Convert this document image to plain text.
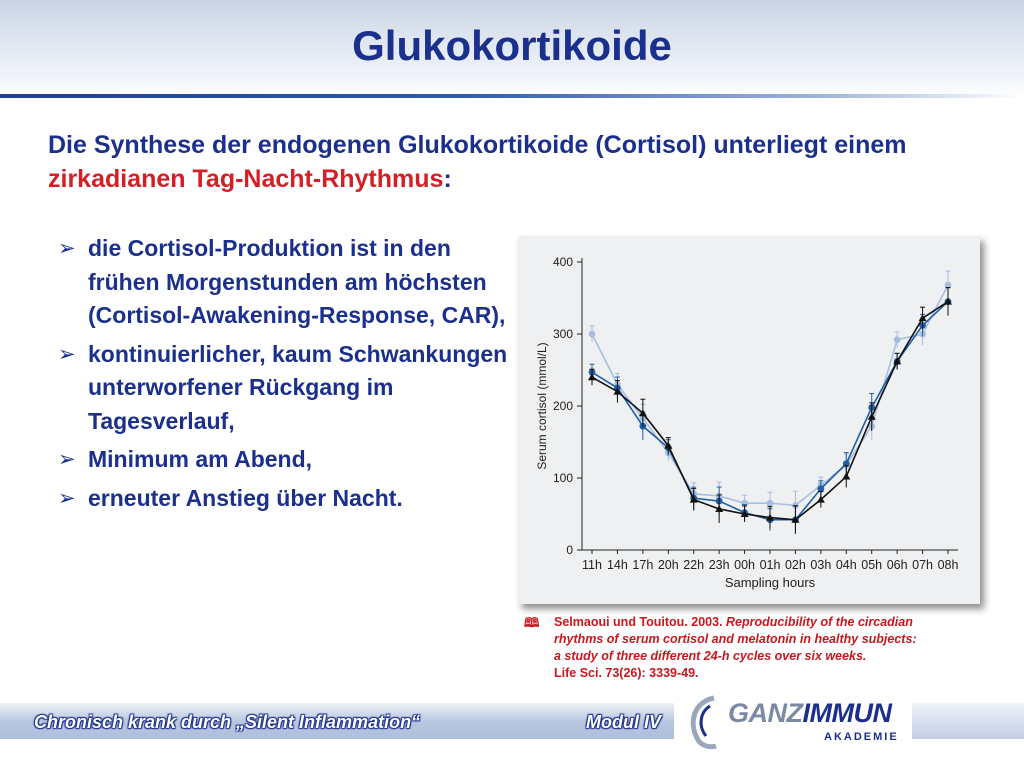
Glukokortikoide
Die Synthese der endogenen Glukokortikoide (Cortisol) unterliegt einem zirkadianen Tag-Nacht-Rhythmus:
➢ die Cortisol-Produktion ist in den frühen Morgenstunden am höchsten (Cortisol-Awakening-Response, CAR),
➢ kontinuierlicher, kaum Schwankungen unterworfener Rückgang im Tagesverlauf,
➢ Minimum am Abend,
➢ erneuter Anstieg über Nacht.
0
100
200
300
400
11h 14h 17h 20h 22h 23h 00h 01h 02h 03h 04h 05h 06h 07h 08h
Serum cortisol (mmol/L)
Sampling hours
🕮 Selmaoui und Touitou. 2003. Reproducibility of the circadian
rhythms of serum cortisol and melatonin in healthy subjects:
a study of three different 24-h cycles over six weeks.
Life Sci. 73(26): 3339-49.
Chronisch krank durch „Silent Inflammation“	Modul IV GANZIMMUN
AKADEMIE
